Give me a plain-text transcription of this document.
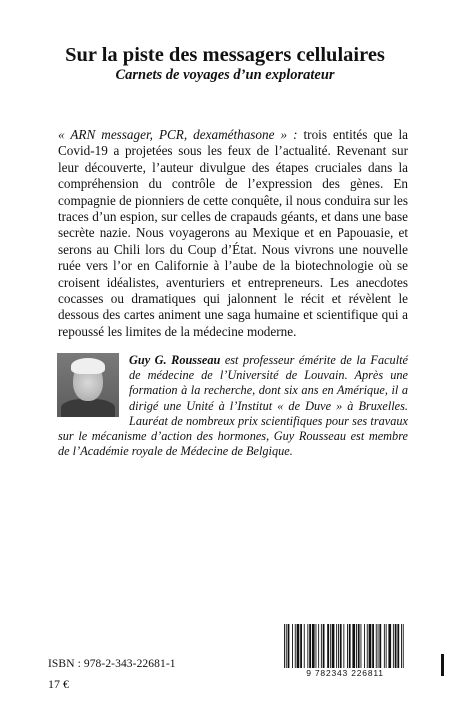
Sur la piste des messagers cellulaires
Carnets de voyages d’un explorateur

« ARN messager, PCR, dexaméthasone » : trois entités que la Covid-19 a projetées sous les feux de l’actualité. Revenant sur leur découverte, l’auteur divulgue des étapes cruciales dans la compréhension du contrôle de l’expression des gènes. En compagnie de pionniers de cette conquête, il nous conduira sur les traces d’un espion, sur celles de crapauds géants, et dans une base secrète nazie. Nous voyagerons au Mexique et en Papouasie, et serons au Chili lors du Coup d’État. Nous vivrons une nouvelle ruée vers l’or en Californie à l’aube de la biotechnologie où se croisent idéalistes, aventuriers et entrepreneurs. Les anecdotes cocasses ou dramatiques qui jalonnent le récit et révèlent le dessous des cartes animent une saga humaine et scientifique qui a repoussé les limites de la médecine moderne.

Guy G. Rousseau est professeur émérite de la Faculté de médecine de l’Université de Louvain. Après une formation à la recherche, dont six ans en Amérique, il a dirigé une Unité à l’Institut « de Duve » à Bruxelles. Lauréat de nombreux prix scientifiques pour ses travaux sur le mécanisme d’action des hormones, Guy Rousseau est membre de l’Académie royale de Médecine de Belgique.

ISBN : 978-2-343-22681-1
17 €
9 782343 226811
